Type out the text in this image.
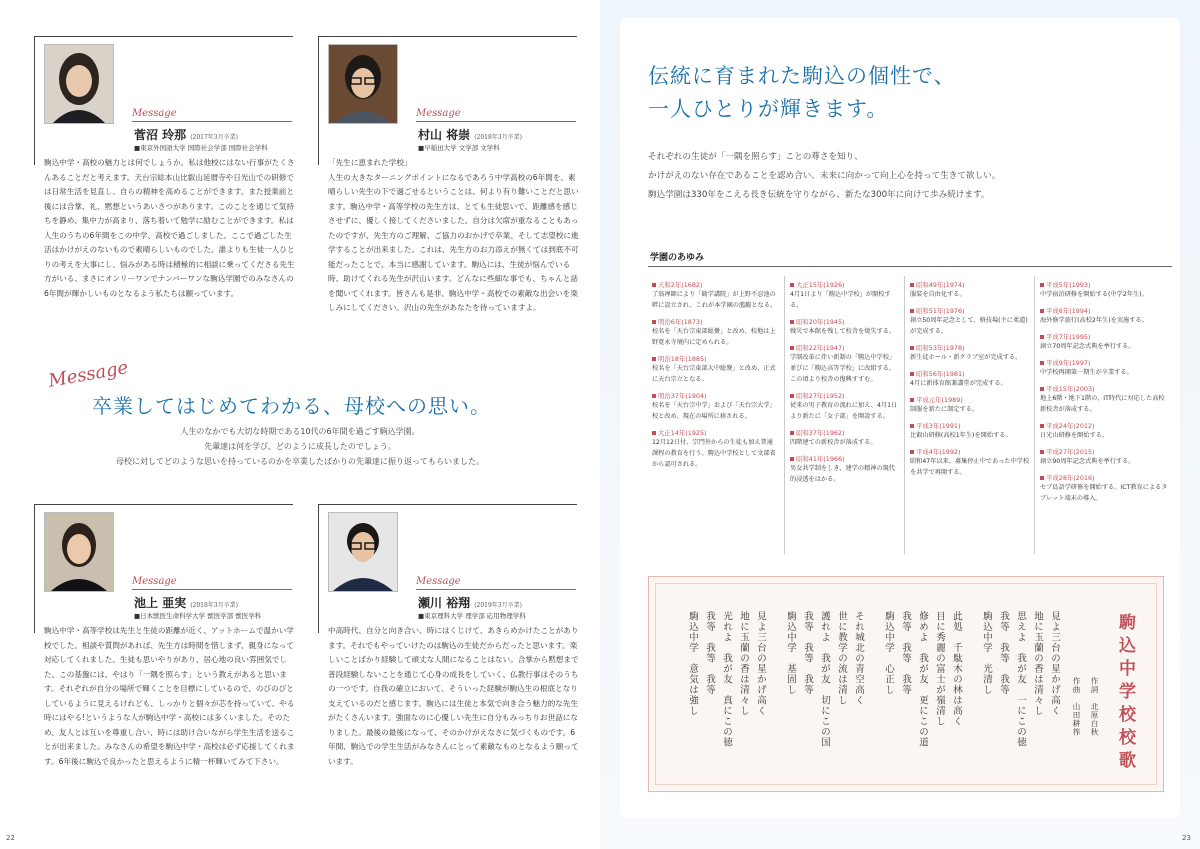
Message
菅沼 玲那 (2017年3月卒業)
■東京外国語大学 国際社会学部 国際社会学科

駒込中学・高校の魅力とは何でしょうか。私は他校にはない行事がたくさんあることだと考えます。天台宗総本山比叡山延暦寺や日光山での研修では日常生活を見直し、自らの精神を高めることができます。また授業前と後には合掌、礼、黙想というあいさつがあります。このことを通じて気持ちを静め、集中力が高まり、落ち着いて勉学に励むことができます。私は人生のうちの6年間をこの中学、高校で過ごしました。ここで過ごした生活はかけがえのないもので素晴らしいものでした。誰よりも生徒一人ひとりの考えを大事にし、悩みがある時は積極的に相談に乗ってくださる先生方がいる、まさにオンリーワンでナンバーワンな駒込学園でのみなさんの6年間が輝かしいものとなるよう私たちは願っています。

Message
村山 将崇 (2018年3月卒業)
■早稲田大学 文学部 文学科

「先生に恵まれた学校」

人生の大きなターニングポイントになるであろう中学高校の6年間を、素晴らしい先生の下で過ごせるということは、何より有り難いことだと思います。駒込中学・高等学校の先生方は、とても生徒思いで、距離感を感じさせずに、優しく接してくださいました。自分は欠席が重なることもあったのですが、先生方のご理解、ご協力のおかげで卒業、そして志望校に進学することが出来ました。これは、先生方のお力添えが無くては到底不可能だったことで、本当に感謝しています。駒込には、生徒が悩んでいる時、助けてくれる先生が沢山います。どんなに些細な事でも、ちゃんと話を聞いてくれます。皆さんも是非、駒込中学・高校での素敵な出会いを楽しみにしてください。沢山の先生があなたを待っていますよ。

Message
卒業してはじめてわかる、母校への思い。
人生のなかでも大切な時期である10代の6年間を過ごす駒込学園。
先輩達は何を学び、どのように成長したのでしょう。
母校に対してどのような思いを持っているのかを卒業したばかりの先輩達に振り返ってもらいました。
Message
池上 亜実 (2018年3月卒業)
■日本獣医生命科学大学 獣医学部 獣医学科

駒込中学・高等学校は先生と生徒の距離が近く、アットホームで温かい学校でした。相談や質問があれば、先生方は時間を惜しまず、親身になって対応してくれました。生徒も思いやりがあり、居心地の良い雰囲気でした。この基盤には、やはり「一隅を照らす」という教えがあると思います。それぞれが自分の場所で輝くことを目標にしているので、のびのびとしているように見えるけれども、しっかりと個々が芯を持っていて、やる時にはやる!というような人が駒込中学・高校には多くいました。そのため、友人とは互いを尊重し合い、時には助け合いながら学生生活を送ることが出来ました。みなさんの希望を駒込中学・高校は必ず応援してくれます。6年後に駒込で良かったと思えるように精一杯輝いてみて下さい。

Message
瀬川 裕翔 (2019年3月卒業)
■東京理科大学 理学部 応用物理学科

中高時代、自分と向き合い、時にはくじけて、あきらめかけたことがあります。それでもやっていけたのは駒込の生徒だからだったと思います。楽しいことばかり経験して頑丈な人間になることはない。合掌から黙想まで普段経験しないことを通じて心身の成長をしていく、仏教行事はそのうちの一つです。自我の確立において、そういった経験が駒込生の根底となり支えているのだと感じます。駒込には生徒と本気で向き合う魅力的な先生がたくさんいます。強面なのに心優しい先生に自分もみっちりお世話になりました。最後の最後になって、そのかけがえなさに気づくものです。6年間、駒込での学生生活がみなさんにとって素敵なものとなるよう願っています。

22
伝統に育まれた駒込の個性で、
一人ひとりが輝きます。
それぞれの生徒が「一隅を照らす」ことの尊さを知り、
かけがえのない存在であることを認め合い、未来に向かって向上心を持って生きて欲しい。
駒込学園は330年をこえる長き伝統を守りながら、新たな300年に向けて歩み続けます。
学園のあゆみ
天和2年(1682)
了翁禅師により「勧学講院」が上野不忍池の畔に設立され、これが本学園の濫觴となる。
明治6年(1873)
校名を「天台宗東部総黌」と改め、校地は上野寛永寺境内に定められる。
明治18年(1885)
校名を「天台宗東部大中総黌」と改め、正式に天台宗立となる。
明治37年(1904)
校名を「天台宗中学」および「天台宗大学」校と改め、現在の場所に移される。
大正14年(1925)
12月12日付、宗門外からの生徒も加え普通課程の教育を行う。駒込中学校として文部省から認可される。
大正15年(1926)
4月1日より「駒込中学校」が開校する。
昭和20年(1945)
戦災で本館を残して校舎を焼失する。
昭和22年(1947)
学制改革に伴い新制の「駒込中学校」並びに「駒込高等学校」に改組する。この頃より校舎の復興すすむ。
昭和27年(1952)
従来の男子教育の流れに加え、4月1日より新たに「女子部」を開設する。
昭和37年(1962)
四階建ての新校舎が落成する。
昭和41年(1966)
男女共学制をしき、建学の精神の現代的浸透をはかる。
昭和49年(1974)
服装を自由化する。
昭和51年(1976)
創立50周年記念として、格技場(主に柔道)が完成する。
昭和53年(1978)
新生徒ホール・新クラブ室が完成する。
昭和56年(1981)
4月に新体育館兼講堂が完成する。
平成元年(1989)
制服を新たに制定する。
平成3年(1991)
比叡山研修(高校1年生)を開始する。
平成4年(1992)
昭和47年以来、募集停止中であった中学校を共学で再開する。
平成5年(1993)
中学宿泊研修を開始する(中学2年生)。
平成6年(1994)
海外修学旅行(高校2年生)を実施する。
平成7年(1995)
創立70周年記念式典を挙行する。
平成9年(1997)
中学校再開第一期生が卒業する。
平成15年(2003)
地上6階・地下1階の、IT時代に対応した高校新校舎が落成する。
平成24年(2012)
日光山研修を開始する。
平成27年(2015)
創立90周年記念式典を挙行する。
平成28年(2016)
セブ島語学研修を開始する。ICT教育によるタブレット端末の導入。
駒込中学校校歌
作詞　北原白秋
作曲　山田耕筰
見よ三台の星かげ高く
地に玉蘭の香は清々し
思えよ　我が友　一にこの徳
我等　我等　我等
駒込中学　光清し
此処　千駄木の林は高く
目に秀麗の富士が嶺清し
修めよ　我が友　更にこの道
我等　我等　我等
駒込中学　心正し
それ城北の青空高く
世に教学の流は清し
護れよ　我が友　切にこの国
我等　我等　我等
駒込中学　基固し
見よ三台の星かげ高く
地に玉蘭の香は清々し
光れよ　我が友　真にこの徳
我等　我等　我等
駒込中学　意気は強し
23
